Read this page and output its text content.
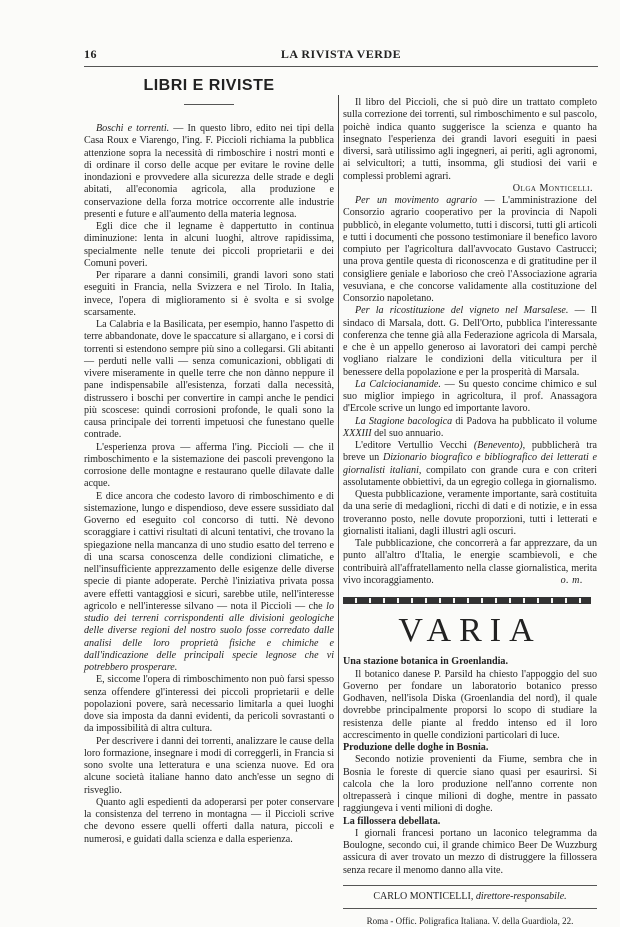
16	LA RIVISTA VERDE
LIBRI E RIVISTE

Boschi e torrenti. — In questo libro, edito nei tipi della Casa Roux e Viarengo, l'ing. F. Piccioli richiama la pubblica attenzione sopra la necessità di rimboschire i nostri monti e di ordinare il corso delle acque per evitare le rovine delle inondazioni e provvedere alla sicurezza delle strade e degli abitati, all'economia agricola, alla produzione e conservazione della forza motrice occorrente alle industrie presenti e future e all'aumento della materia legnosa.

Egli dice che il legname è dappertutto in continua diminuzione: lenta in alcuni luoghi, altrove rapidissima, specialmente nelle tenute dei piccoli proprietarii e dei Comuni poveri.

Per riparare a danni consimili, grandi lavori sono stati eseguiti in Francia, nella Svizzera e nel Tirolo. In Italia, invece, l'opera di miglioramento si è svolta e si svolge scarsamente.

La Calabria e la Basilicata, per esempio, hanno l'aspetto di terre abbandonate, dove le spaccature si allargano, e i corsi di torrenti si estendono sempre più sino a collegarsi. Gli abitanti — perduti nelle valli — senza comunicazioni, obbligati di vivere miseramente in quelle terre che non dànno neppure il pane indispensabile all'esistenza, forzati dalla necessità, distrussero i boschi per convertire in campi anche le pendici più scoscese: quindi corrosioni profonde, le quali sono la causa principale dei torrenti impetuosi che funestano quelle contrade.

L'esperienza prova — afferma l'ing. Piccioli — che il rimboschimento e la sistemazione dei pascoli prevengono la corrosione delle montagne e restaurano quelle dilavate dalle acque.

E dice ancora che codesto lavoro di rimboschimento e di sistemazione, lungo e dispendioso, deve essere sussidiato dal Governo ed eseguito col concorso di tutti. Nè devono scoraggiare i cattivi risultati di alcuni tentativi, che trovano la spiegazione nella mancanza di uno studio esatto del terreno e di una scarsa conoscenza delle condizioni climatiche, e nell'insufficiente apprezzamento delle esigenze delle diverse specie di piante adoperate. Perchè l'iniziativa privata possa avere effetti vantaggiosi e sicuri, sarebbe utile, nell'interesse agricolo e nell'interesse silvano — nota il Piccioli — che lo studio dei terreni corrispondenti alle divisioni geologiche delle diverse regioni del nostro suolo fosse corredato dalle analisi delle loro proprietà fisiche e chimiche e dall'indicazione delle principali specie legnose che vi potrebbero prosperare.

E, siccome l'opera di rimboschimento non può farsi spesso senza offendere gl'interessi dei piccoli proprietarii e delle popolazioni povere, sarà necessario limitarla a quei luoghi dove sia imposta da danni evidenti, da pericoli sovrastanti o da impossibilità di altra cultura.

Per descrivere i danni dei torrenti, analizzare le cause della loro formazione, insegnare i modi di correggerli, in Francia si sono svolte una letteratura e una scienza nuove. Ed ora alcune società italiane hanno dato anch'esse un segno di risveglio.

Quanto agli espedienti da adoperarsi per poter conservare la consistenza del terreno in montagna — il Piccioli scrive che devono essere quelli offerti dalla natura, piccoli e numerosi, e guidati dalla scienza e dalla esperienza.

Il libro del Piccioli, che si può dire un trattato completo sulla correzione dei torrenti, sul rimboschimento e sul pascolo, poichè indica quanto suggerisce la scienza e quanto ha insegnato l'esperienza dei grandi lavori eseguiti in paesi diversi, sarà utilissimo agli ingegneri, ai periti, agli agronomi, ai selvicultori; a tutti, insomma, gli studiosi dei varii e complessi problemi agrari.

Olga Monticelli.

Per un movimento agrario — L'amministrazione del Consorzio agrario cooperativo per la provincia di Napoli pubblicò, in elegante volumetto, tutti i discorsi, tutti gli articoli e tutti i documenti che possono testimoniare il benefico lavoro compiuto per l'agricoltura dall'avvocato Gustavo Castrucci; una prova gentile questa di riconoscenza e di gratitudine per il consigliere geniale e laborioso che creò l'Associazione agraria vesuviana, e che concorse validamente alla costituzione del Consorzio napoletano.

Per la ricostituzione del vigneto nel Marsalese. — Il sindaco di Marsala, dott. G. Dell'Orto, pubblica l'interessante conferenza che tenne già alla Federazione agricola di Marsala, e che è un appello generoso ai lavoratori dei campi perchè vogliano rialzare le condizioni della viticultura per il benessere della popolazione e per la prosperità di Marsala.

La Calciocianamide. — Su questo concime chimico e sul suo miglior impiego in agricoltura, il prof. Anassagora d'Ercole scrive un lungo ed importante lavoro.

La Stagione bacologica di Padova ha pubblicato il volume XXXIII del suo annuario.

L'editore Vertullio Vecchi (Benevento), pubblicherà tra breve un Dizionario biografico e bibliografico dei letterati e giornalisti italiani, compilato con grande cura e con criteri assolutamente obbiettivi, da un egregio collega in giornalismo.

Questa pubblicazione, veramente importante, sarà costituita da una serie di medaglioni, ricchi di dati e di notizie, e in essa troveranno posto, nelle dovute proporzioni, tutti i letterati e giornalisti italiani, dagli illustri agli oscuri.

Tale pubblicazione, che concorrerà a far apprezzare, da un punto all'altro d'Italia, le energie scambievoli, e che contribuirà all'affratellamento nella classe giornalistica, merita vivo incoraggiamento.	o. m.
VARIA

Una stazione botanica in Groenlandia.

Il botanico danese P. Parsild ha chiesto l'appoggio del suo Governo per fondare un laboratorio botanico presso Godhaven, nell'isola Diska (Groenlandia del nord), il quale dovrebbe principalmente proporsi lo scopo di studiare la resistenza delle piante al freddo intenso ed il loro accrescimento in quelle condizioni particolari di luce.

Produzione delle doghe in Bosnia.

Secondo notizie provenienti da Fiume, sembra che in Bosnia le foreste di quercie siano quasi per esaurirsi. Si calcola che la loro produzione nell'anno corrente non oltrepasserà i cinque milioni di doghe, mentre in passato raggiungeva i venti milioni di doghe.

La fillossera debellata.

I giornali francesi portano un laconico telegramma da Boulogne, secondo cui, il grande chimico Beer De Wuzzburg assicura di aver trovato un mezzo di distruggere la fillossera senza recare il menomo danno alla vite.

CARLO MONTICELLI, direttore-responsabile.
Roma - Offic. Poligrafica Italiana. V. della Guardiola, 22.
